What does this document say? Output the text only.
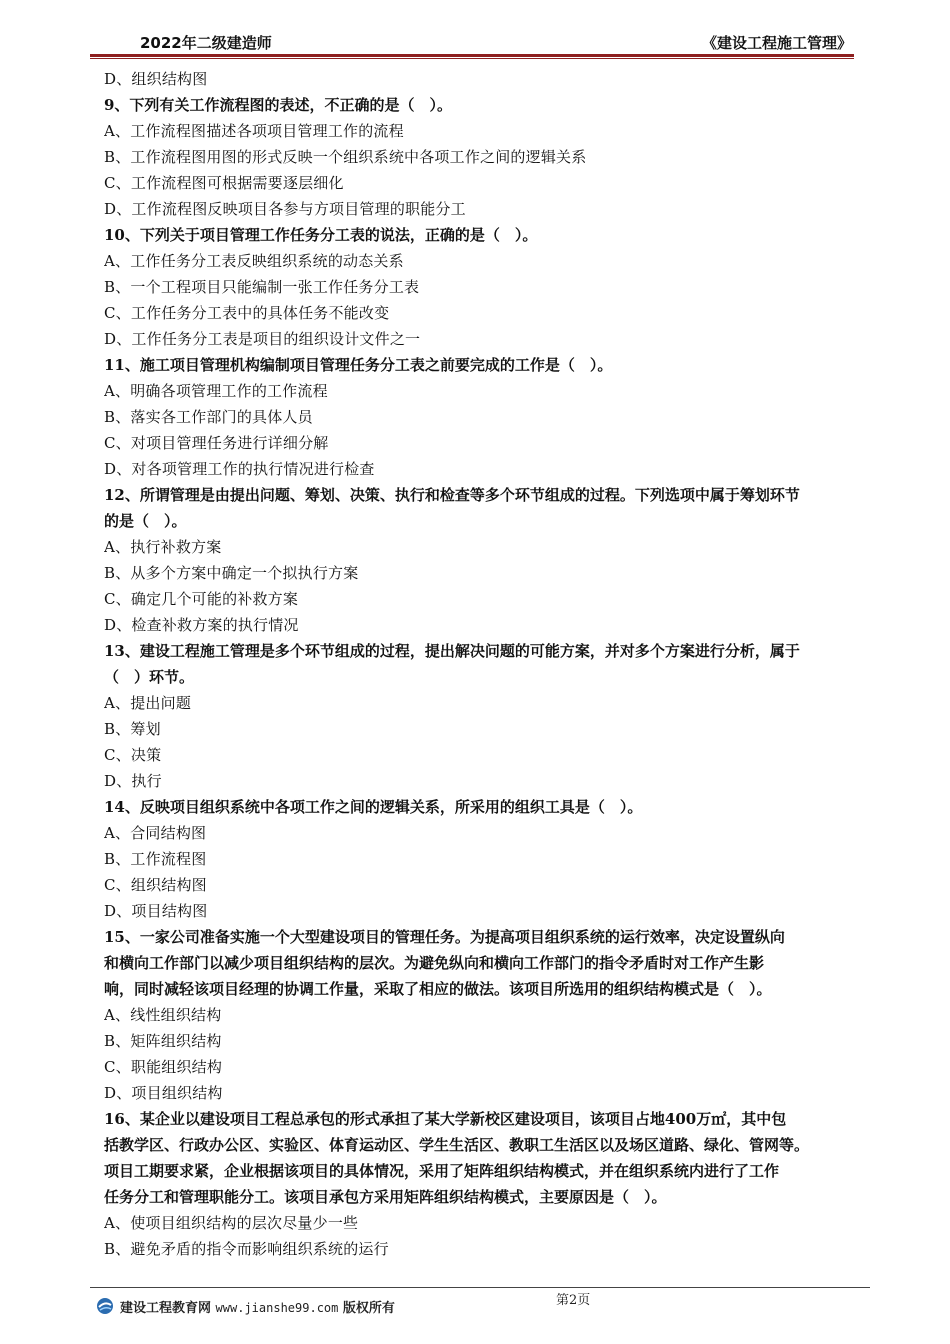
2022年二级建造师	《建设工程施工管理》
D、组织结构图
9、下列有关工作流程图的表述，不正确的是（　）。
A、工作流程图描述各项项目管理工作的流程
B、工作流程图用图的形式反映一个组织系统中各项工作之间的逻辑关系
C、工作流程图可根据需要逐层细化
D、工作流程图反映项目各参与方项目管理的职能分工
10、下列关于项目管理工作任务分工表的说法，正确的是（　）。
A、工作任务分工表反映组织系统的动态关系
B、一个工程项目只能编制一张工作任务分工表
C、工作任务分工表中的具体任务不能改变
D、工作任务分工表是项目的组织设计文件之一
11、施工项目管理机构编制项目管理任务分工表之前要完成的工作是（　）。
A、明确各项管理工作的工作流程
B、落实各工作部门的具体人员
C、对项目管理任务进行详细分解
D、对各项管理工作的执行情况进行检查
12、所谓管理是由提出问题、筹划、决策、执行和检查等多个环节组成的过程。下列选项中属于筹划环节
的是（　）。
A、执行补救方案
B、从多个方案中确定一个拟执行方案
C、确定几个可能的补救方案
D、检查补救方案的执行情况
13、建设工程施工管理是多个环节组成的过程，提出解决问题的可能方案，并对多个方案进行分析，属于
（　）环节。
A、提出问题
B、筹划
C、决策
D、执行
14、反映项目组织系统中各项工作之间的逻辑关系，所采用的组织工具是（　）。
A、合同结构图
B、工作流程图
C、组织结构图
D、项目结构图
15、一家公司准备实施一个大型建设项目的管理任务。为提高项目组织系统的运行效率，决定设置纵向
和横向工作部门以减少项目组织结构的层次。为避免纵向和横向工作部门的指令矛盾时对工作产生影
响，同时减轻该项目经理的协调工作量，采取了相应的做法。该项目所选用的组织结构模式是（　）。
A、线性组织结构
B、矩阵组织结构
C、职能组织结构
D、项目组织结构
16、某企业以建设项目工程总承包的形式承担了某大学新校区建设项目，该项目占地400万㎡，其中包
括教学区、行政办公区、实验区、体育运动区、学生生活区、教职工生活区以及场区道路、绿化、管网等。
项目工期要求紧，企业根据该项目的具体情况，采用了矩阵组织结构模式，并在组织系统内进行了工作
任务分工和管理职能分工。该项目承包方采用矩阵组织结构模式，主要原因是（　）。
A、使项目组织结构的层次尽量少一些
B、避免矛盾的指令而影响组织系统的运行
建设工程教育网 www.jianshe99.com 版权所有
第2页
